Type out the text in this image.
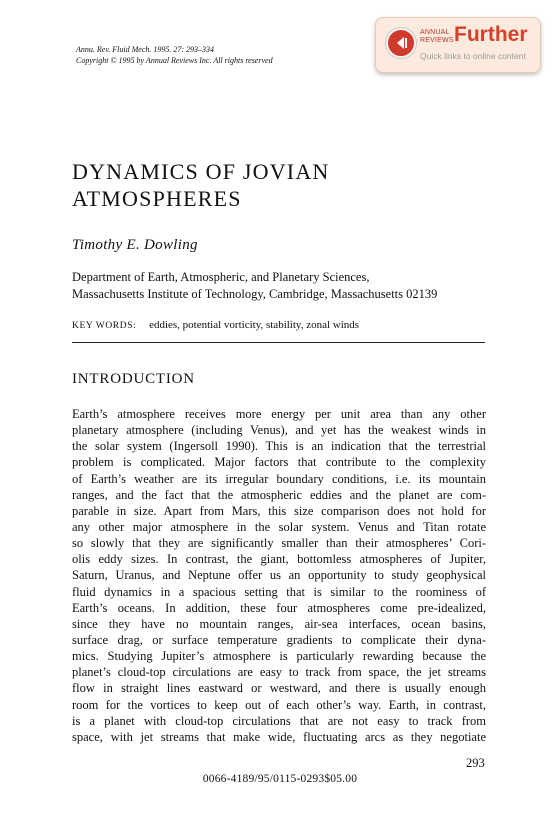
Annu. Rev. Fluid Mech. 1995. 27: 293–334
Copyright © 1995 by Annual Reviews Inc. All rights reserved
ANNUAL
REVIEWS Further
Quick links to online content
DYNAMICS OF JOVIAN
ATMOSPHERES
Timothy E. Dowling
Department of Earth, Atmospheric, and Planetary Sciences,
Massachusetts Institute of Technology, Cambridge, Massachusetts 02139
KEY WORDS: eddies, potential vorticity, stability, zonal winds
INTRODUCTION
Earth’s atmosphere receives more energy per unit area than any other
planetary atmosphere (including Venus), and yet has the weakest winds in
the solar system (Ingersoll 1990). This is an indication that the terrestrial
problem is complicated. Major factors that contribute to the complexity
of Earth’s weather are its irregular boundary conditions, i.e. its mountain
ranges, and the fact that the atmospheric eddies and the planet are com-
parable in size. Apart from Mars, this size comparison does not hold for
any other major atmosphere in the solar system. Venus and Titan rotate
so slowly that they are significantly smaller than their atmospheres’ Cori-
olis eddy sizes. In contrast, the giant, bottomless atmospheres of Jupiter,
Saturn, Uranus, and Neptune offer us an opportunity to study geophysical
fluid dynamics in a spacious setting that is similar to the roominess of
Earth’s oceans. In addition, these four atmospheres come pre-idealized,
since they have no mountain ranges, air-sea interfaces, ocean basins,
surface drag, or surface temperature gradients to complicate their dyna-
mics. Studying Jupiter’s atmosphere is particularly rewarding because the
planet’s cloud-top circulations are easy to track from space, the jet streams
flow in straight lines eastward or westward, and there is usually enough
room for the vortices to keep out of each other’s way. Earth, in contrast,
is a planet with cloud-top circulations that are not easy to track from
space, with jet streams that make wide, fluctuating arcs as they negotiate
293
0066-4189/95/0115-0293$05.00
